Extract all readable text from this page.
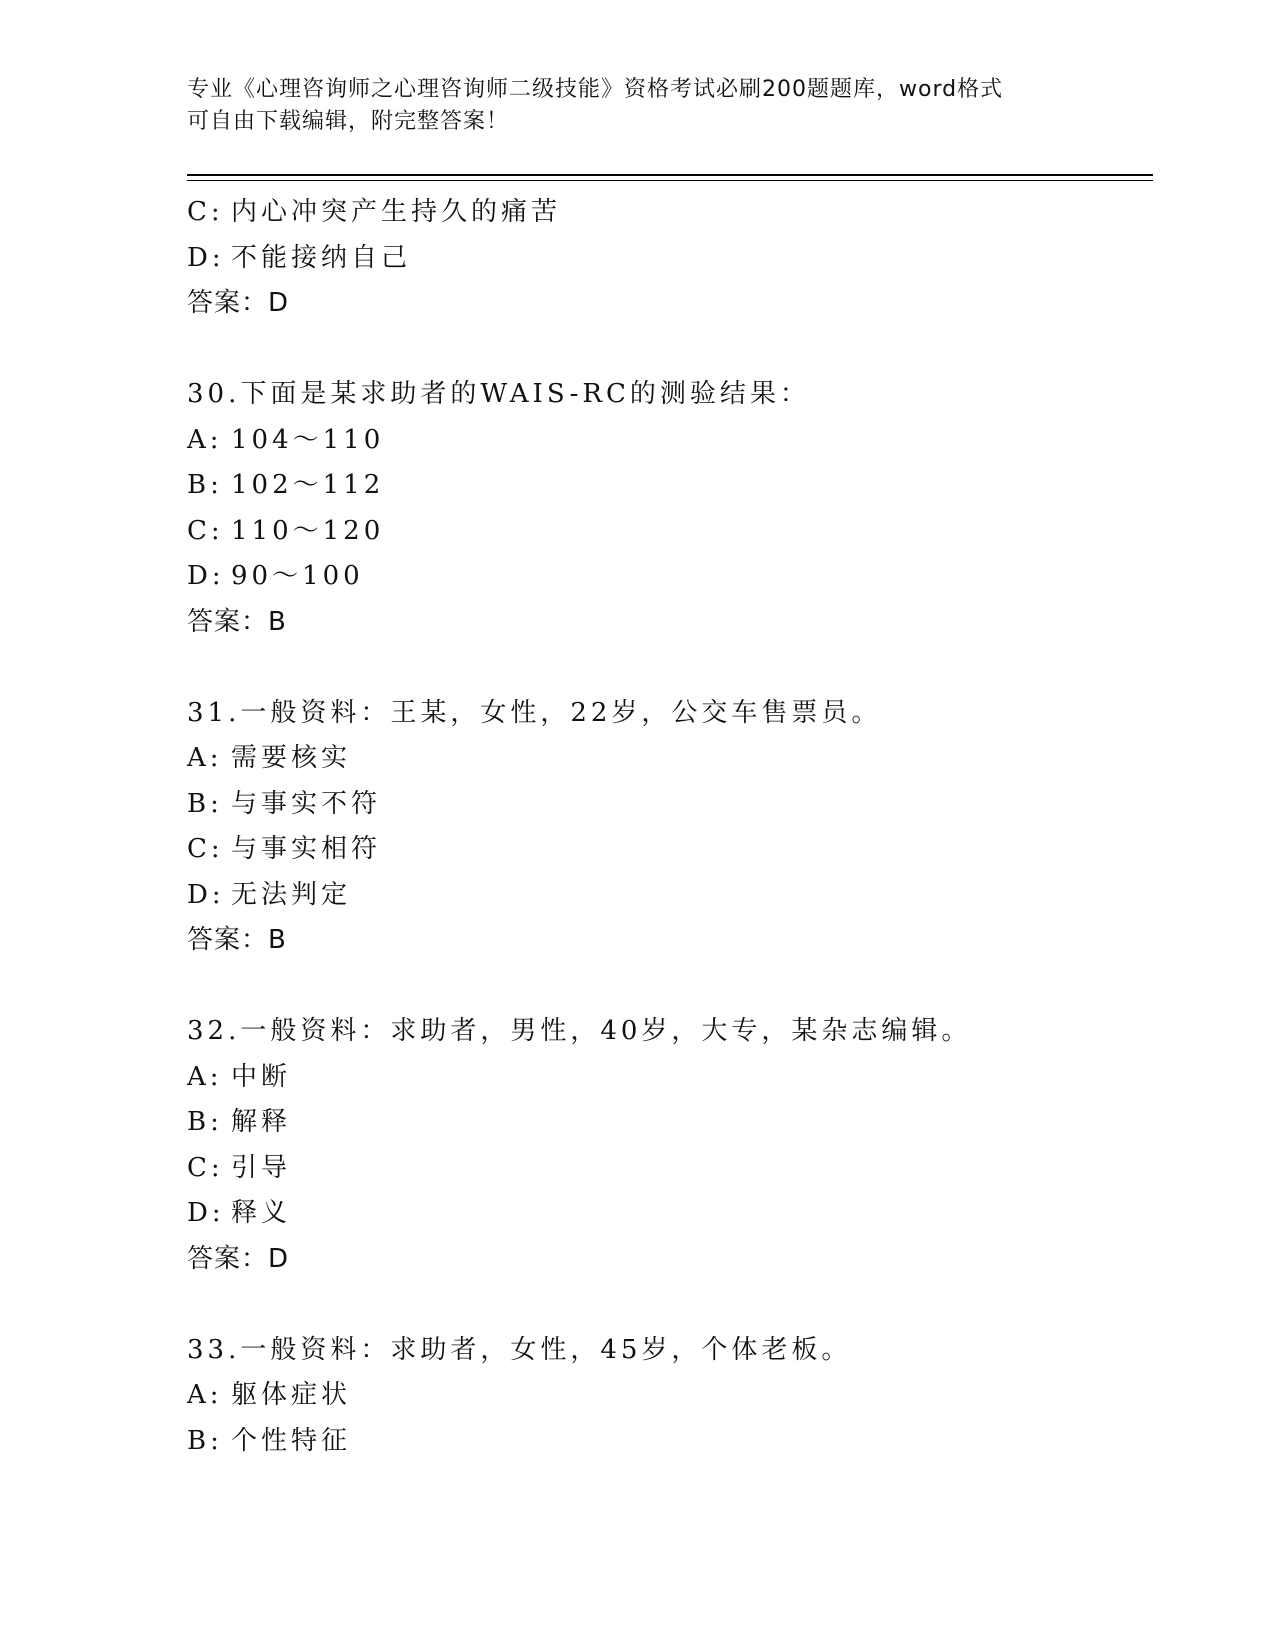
专业《心理咨询师之心理咨询师二级技能》资格考试必刷200题题库，word格式
可自由下载编辑，附完整答案！
C: 内心冲突产生持久的痛苦
D: 不能接纳自己
答案：D
30.下面是某求助者的WAIS-RC的测验结果：
A: 104～110
B: 102～112
C: 110～120
D: 90～100
答案：B
31.一般资料：王某，女性，22岁，公交车售票员。
A: 需要核实
B: 与事实不符
C: 与事实相符
D: 无法判定
答案：B
32.一般资料：求助者，男性，40岁，大专，某杂志编辑。
A: 中断
B: 解释
C: 引导
D: 释义
答案：D
33.一般资料：求助者，女性，45岁，个体老板。
A: 躯体症状
B: 个性特征
